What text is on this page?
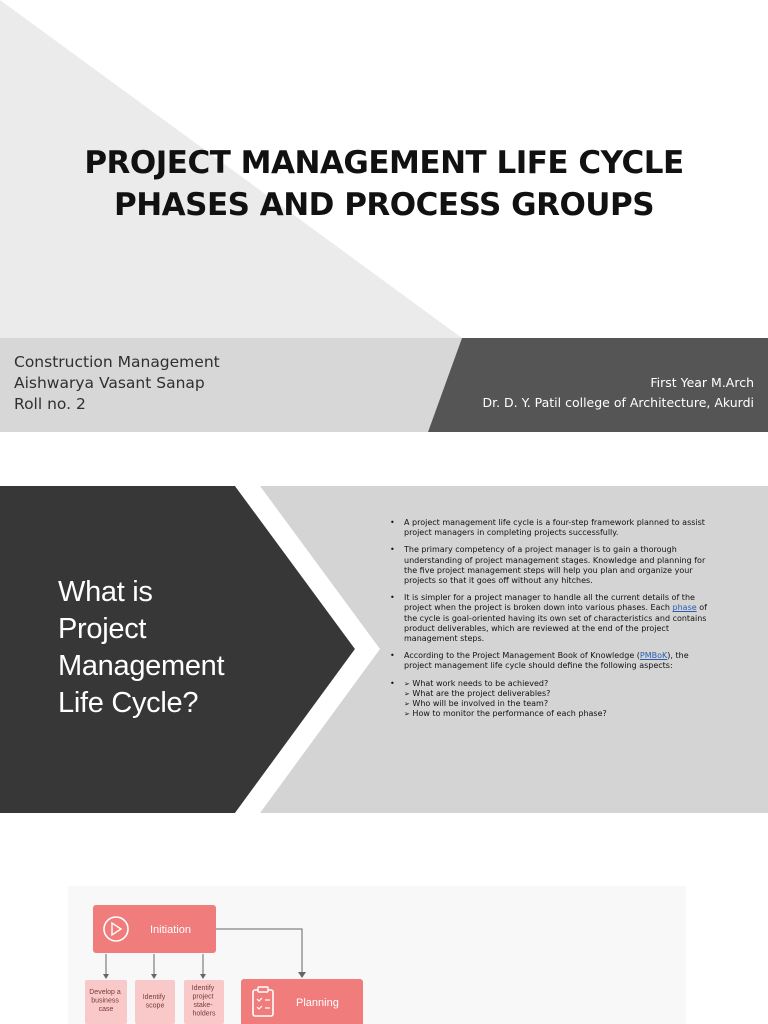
PROJECT MANAGEMENT LIFE CYCLE
PHASES AND PROCESS GROUPS
Construction Management
Aishwarya Vasant Sanap
Roll no. 2
First Year M.Arch
Dr. D. Y. Patil college of Architecture, Akurdi
What is
Project
Management
Life Cycle?
• A project management life cycle is a four-step framework planned to assist project managers in completing projects successfully.
• The primary competency of a project manager is to gain a thorough understanding of project management stages. Knowledge and planning for the five project management steps will help you plan and organize your projects so that it goes off without any hitches.
• It is simpler for a project manager to handle all the current details of the project when the project is broken down into various phases. Each phase of the cycle is goal-oriented having its own set of characteristics and contains product deliverables, which are reviewed at the end of the project management steps.
• According to the Project Management Book of Knowledge (PMBoK), the project management life cycle should define the following aspects:
• ➢ What work needs to be achieved?
➢ What are the project deliverables?
➢ Who will be involved in the team?
➢ How to monitor the performance of each phase?
Initiation
Develop a business case
Identify scope
Identify project stake- holders
Planning
